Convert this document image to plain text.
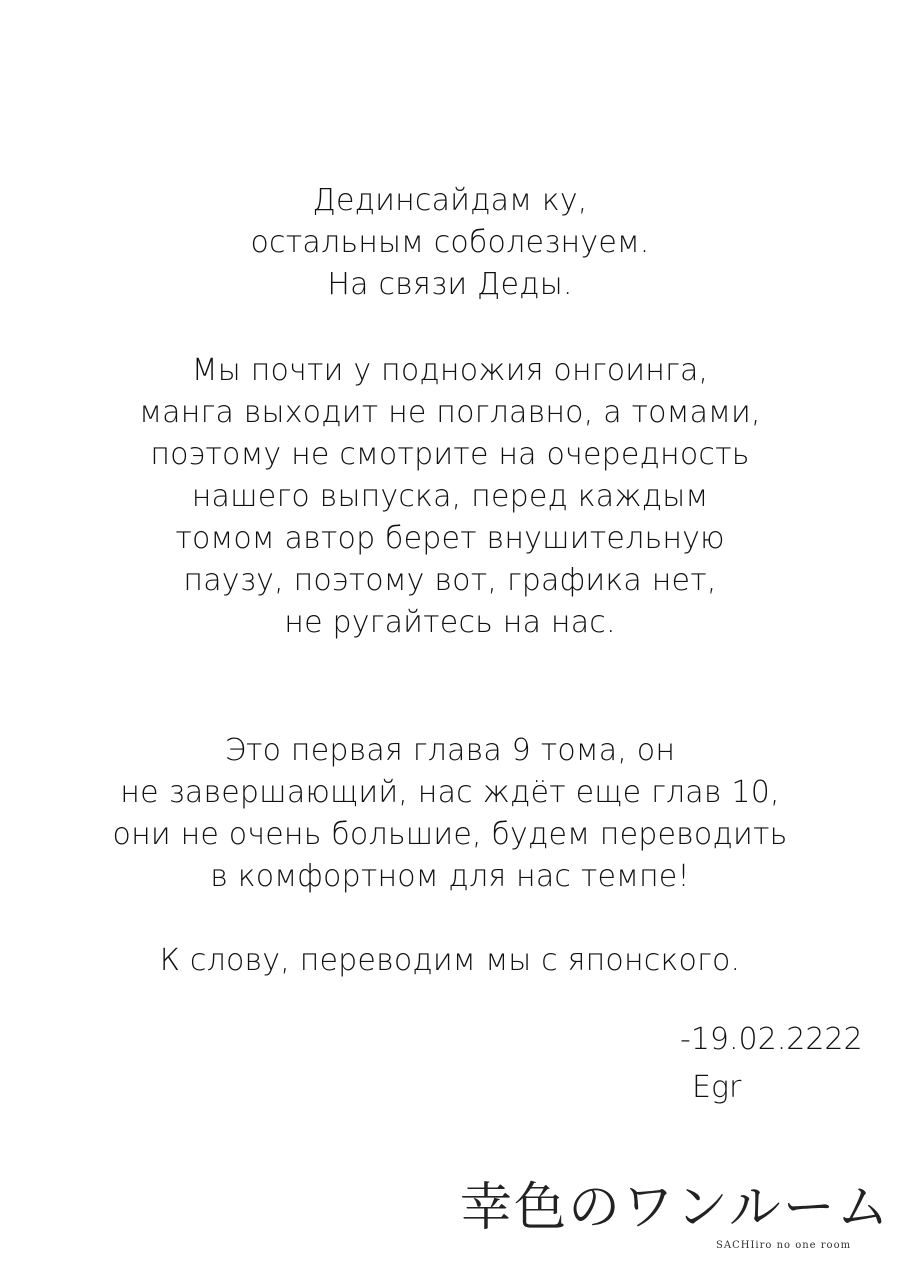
Дединсайдам ку,
остальным соболезнуем.
На связи Деды.
Мы почти у подножия онгоинга,
манга выходит не поглавно, а томами,
поэтому не смотрите на очередность
нашего выпуска, перед каждым
томом автор берет внушительную
паузу, поэтому вот, графика нет,
не ругайтесь на нас.
Это первая глава 9 тома, он
не завершающий, нас ждёт еще глав 10,
они не очень большие, будем переводить
в комфортном для нас темпе!
К слову, переводим мы с японского.
-19.02.2222
Egr
幸色のワンルーム
SACHIiro no one room
